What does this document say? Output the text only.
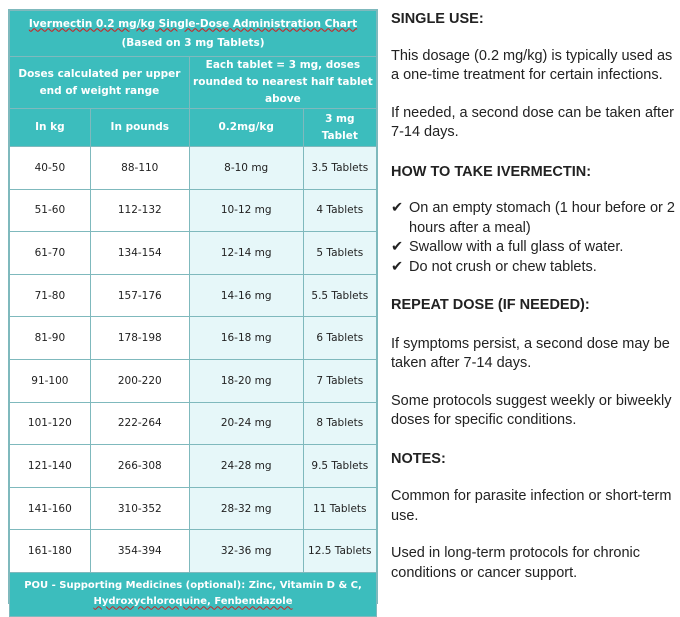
Ivermectin 0.2 mg/kg Single-Dose Administration Chart
(Based on 3 mg Tablets)			
Doses calculated per upper end of weight range		Each tablet = 3 mg, doses rounded to nearest half tablet above	
In kg	In pounds	0.2mg/kg	3 mg Tablet
40-50	88-110	8-10 mg	3.5 Tablets
51-60	112-132	10-12 mg	4 Tablets
61-70	134-154	12-14 mg	5 Tablets
71-80	157-176	14-16 mg	5.5 Tablets
81-90	178-198	16-18 mg	6 Tablets
91-100	200-220	18-20 mg	7 Tablets
101-120	222-264	20-24 mg	8 Tablets
121-140	266-308	24-28 mg	9.5 Tablets
141-160	310-352	28-32 mg	11 Tablets
161-180	354-394	32-36 mg	12.5 Tablets
POU - Supporting Medicines (optional): Zinc, Vitamin D & C,
Hydroxychloroquine, Fenbendazole			

SINGLE USE:

This dosage (0.2 mg/kg) is typically used as a one-time treatment for certain infections.

If needed, a second dose can be taken after 7-14 days.

HOW TO TAKE IVERMECTIN:

✔ On an empty stomach (1 hour before or 2 hours after a meal)
✔ Swallow with a full glass of water.
✔ Do not crush or chew tablets.

REPEAT DOSE (IF NEEDED):

If symptoms persist, a second dose may be taken after 7-14 days.

Some protocols suggest weekly or biweekly doses for specific conditions.

NOTES:

Common for parasite infection or short-term use.

Used in long-term protocols for chronic conditions or cancer support.
